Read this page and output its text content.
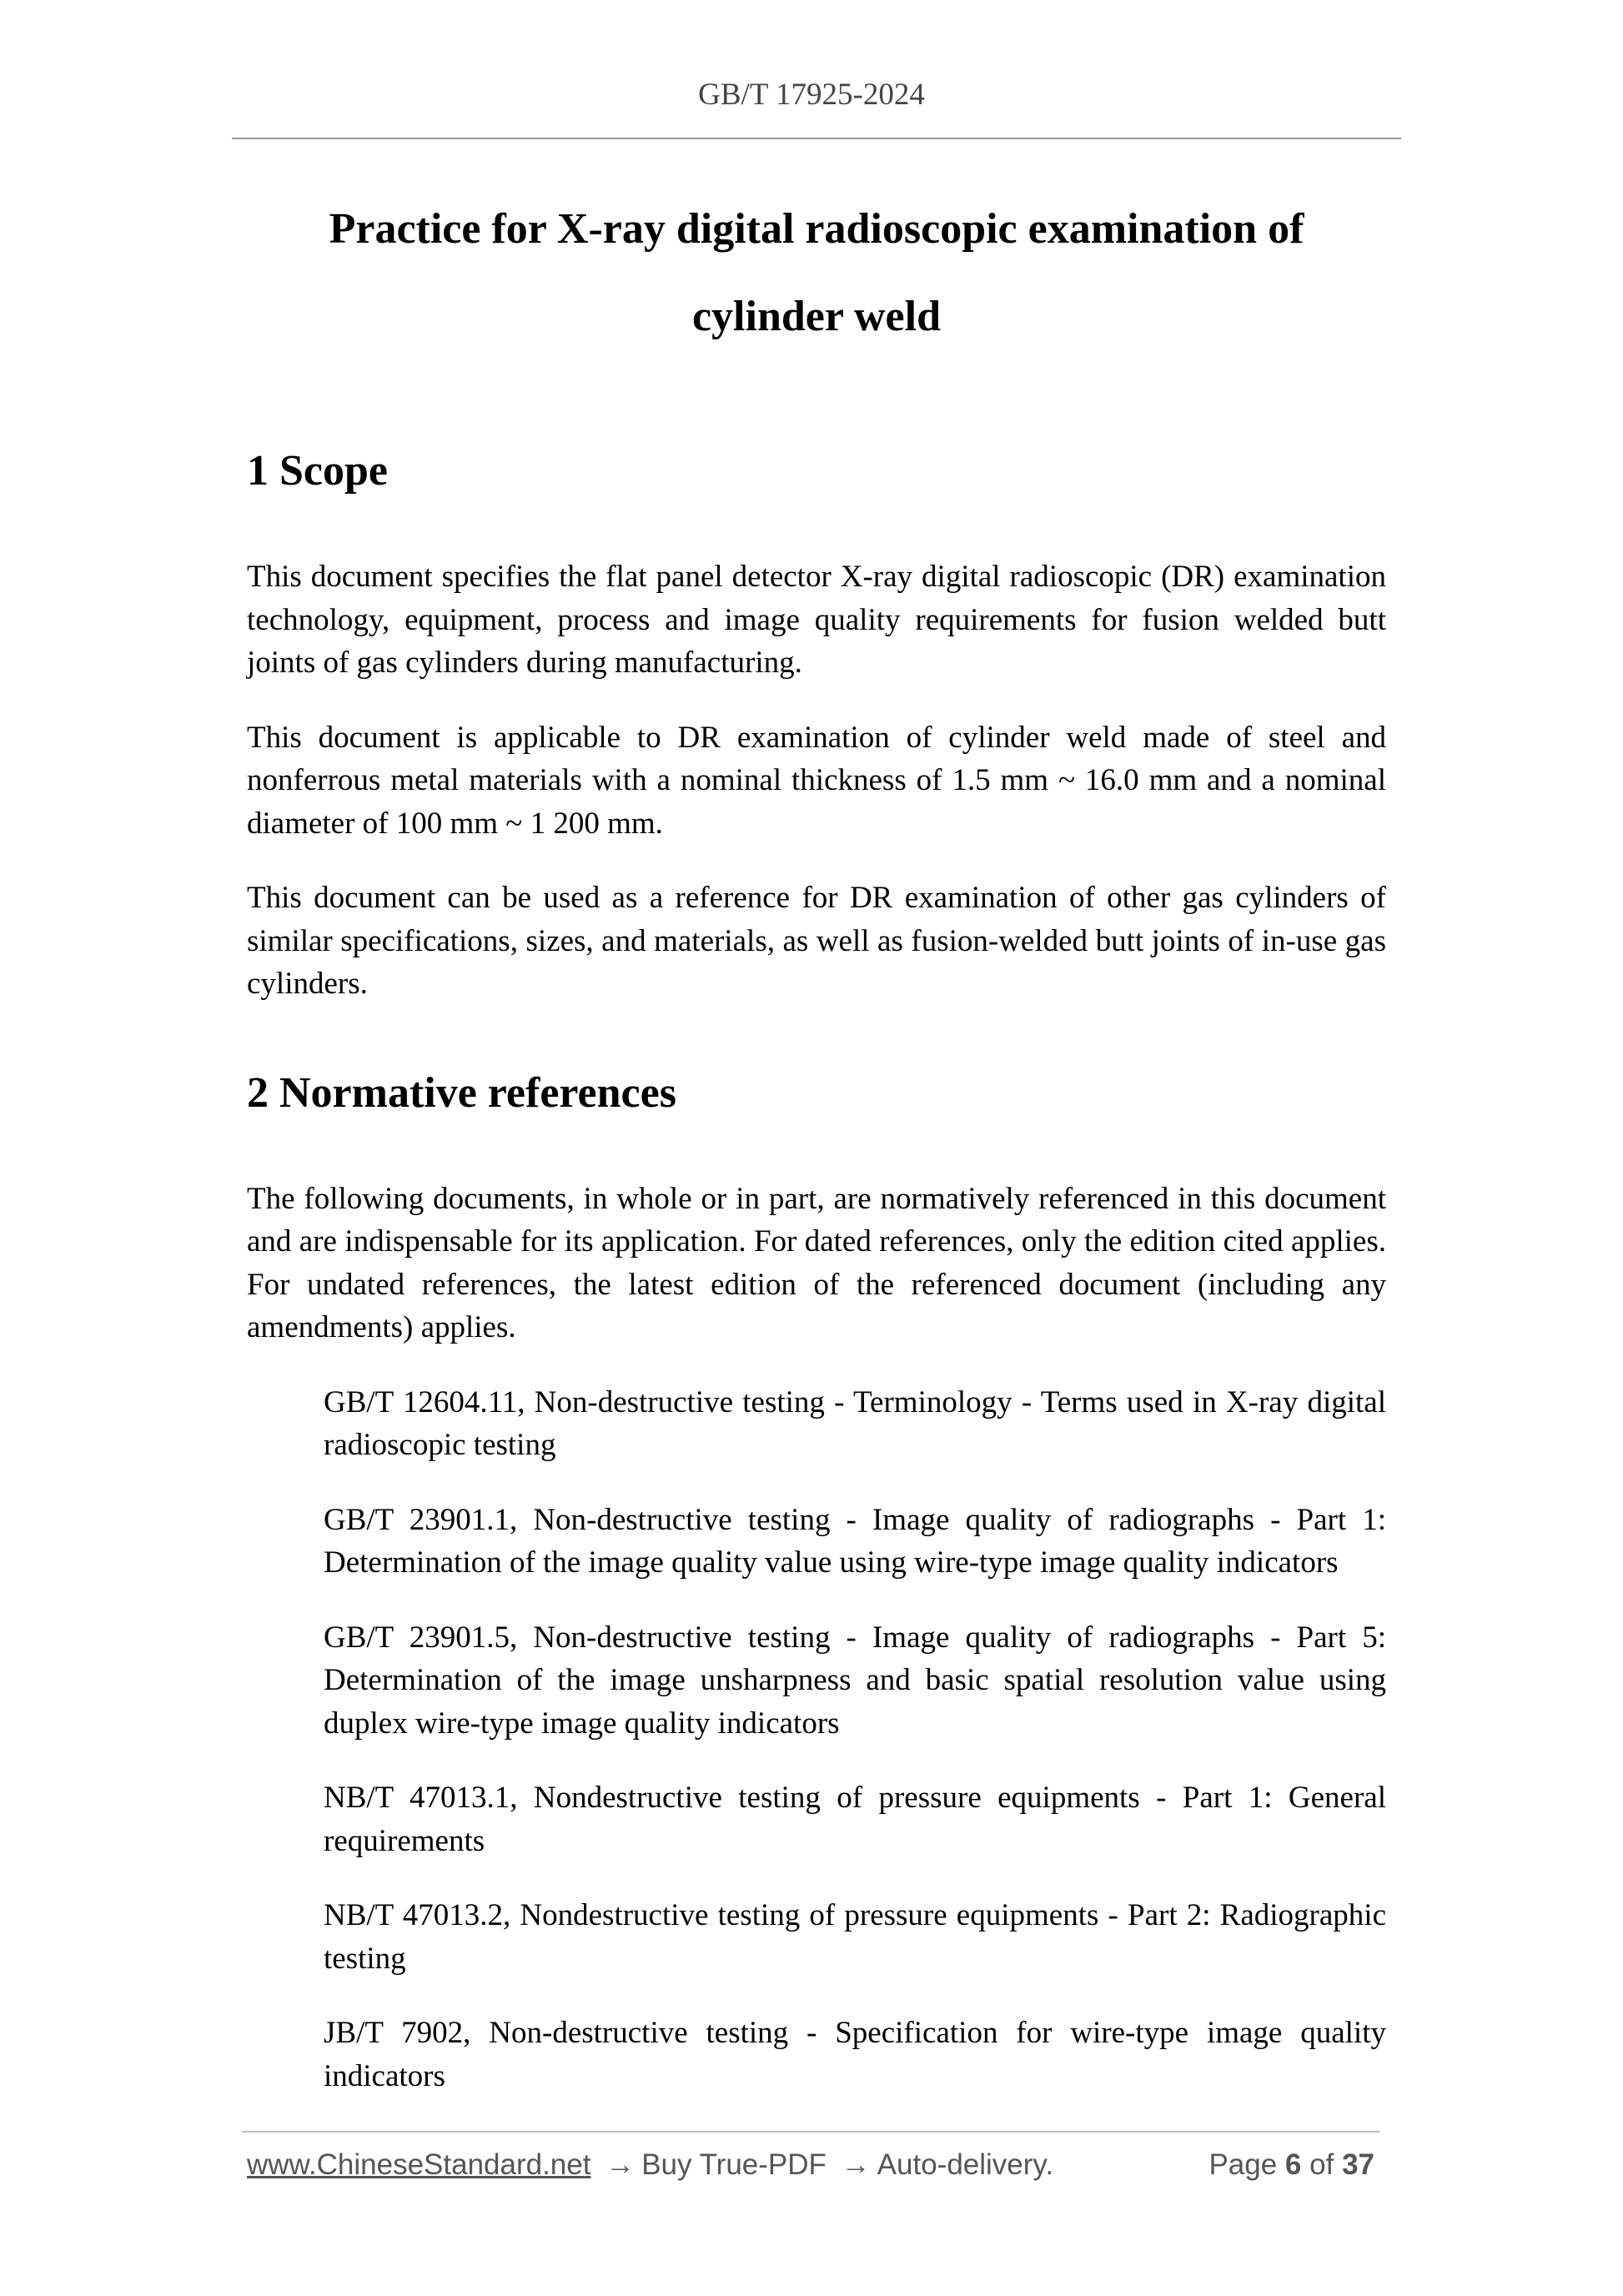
GB/T 17925-2024
Practice for X-ray digital radioscopic examination of
cylinder weld
1 Scope

This document specifies the flat panel detector X-ray digital radioscopic (DR) examination technology, equipment, process and image quality requirements for fusion welded butt joints of gas cylinders during manufacturing.

This document is applicable to DR examination of cylinder weld made of steel and nonferrous metal materials with a nominal thickness of 1.5 mm ~ 16.0 mm and a nominal diameter of 100 mm ~ 1 200 mm.

This document can be used as a reference for DR examination of other gas cylinders of similar specifications, sizes, and materials, as well as fusion-welded butt joints of in-use gas cylinders.

2 Normative references

The following documents, in whole or in part, are normatively referenced in this document and are indispensable for its application. For dated references, only the edition cited applies. For undated references, the latest edition of the referenced document (including any amendments) applies.

GB/T 12604.11, Non-destructive testing - Terminology - Terms used in X-ray digital radioscopic testing

GB/T 23901.1, Non-destructive testing - Image quality of radiographs - Part 1: Determination of the image quality value using wire-type image quality indicators

GB/T 23901.5, Non-destructive testing - Image quality of radiographs - Part 5: Determination of the image unsharpness and basic spatial resolution value using duplex wire-type image quality indicators

NB/T 47013.1, Nondestructive testing of pressure equipments - Part 1: General requirements

NB/T 47013.2, Nondestructive testing of pressure equipments - Part 2: Radiographic testing

JB/T 7902, Non-destructive testing - Specification for wire-type image quality indicators

www.ChineseStandard.net → Buy True-PDF → Auto-delivery.	Page 6 of 37
